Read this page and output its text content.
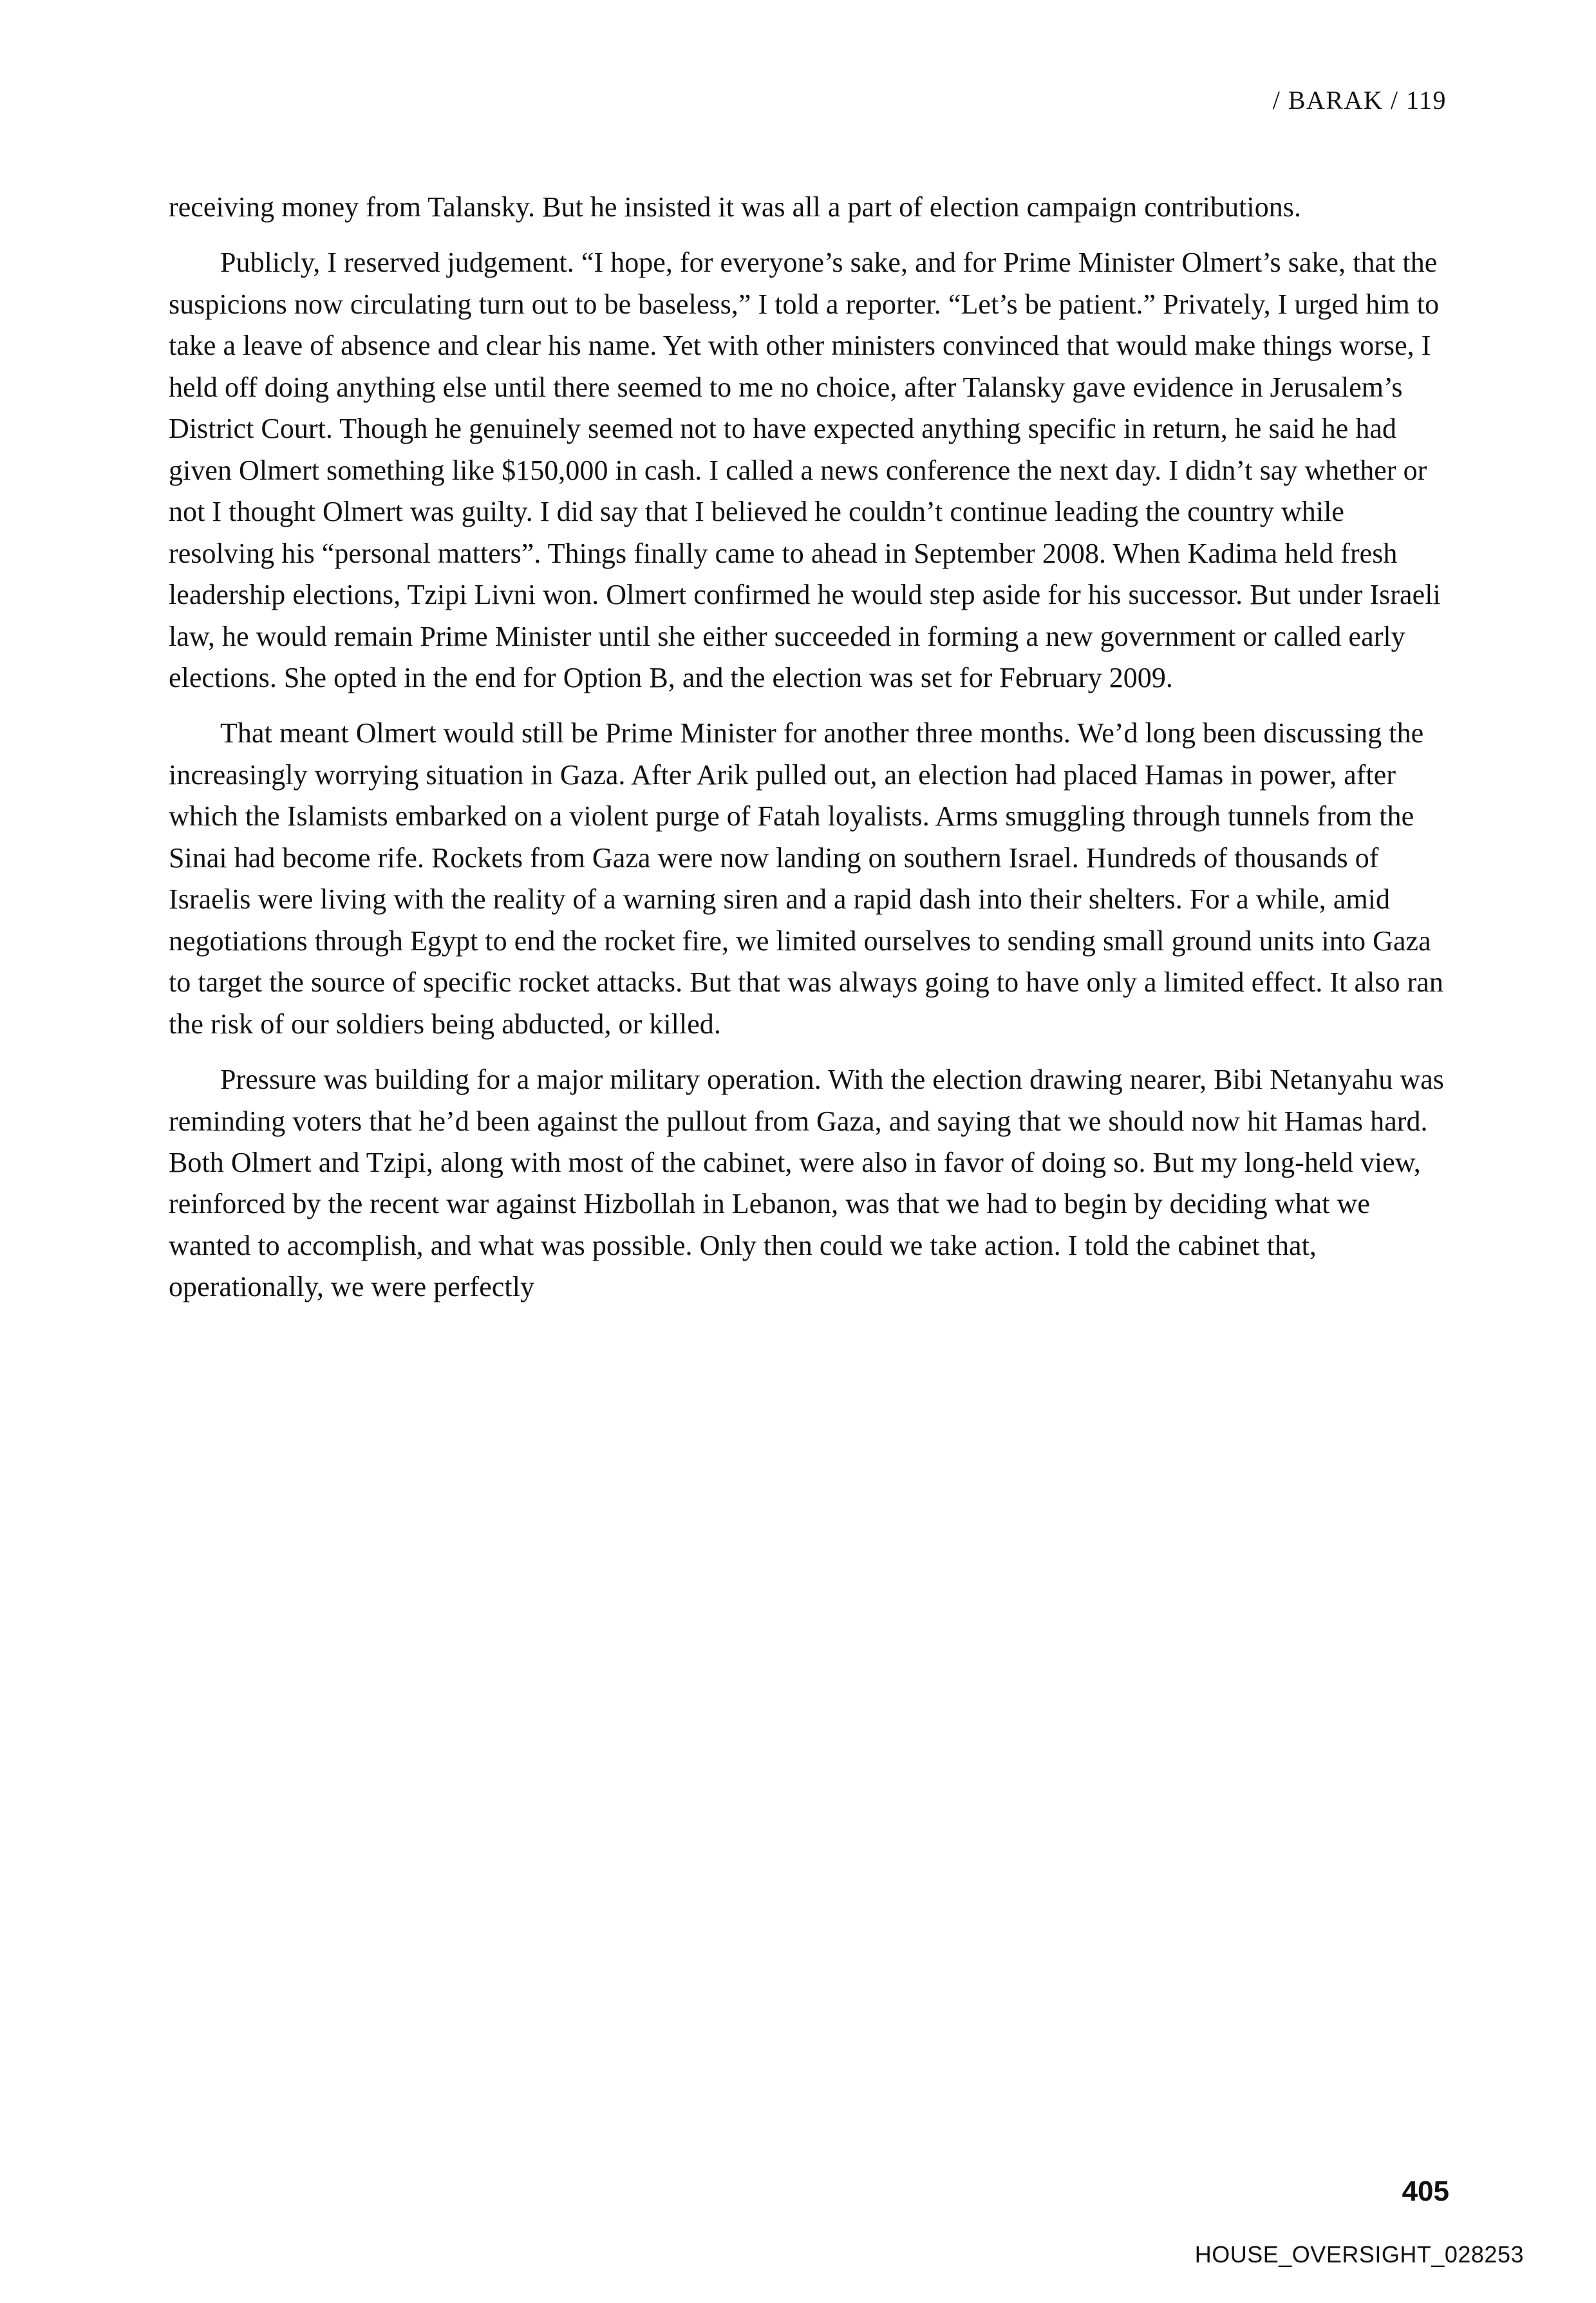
/ BARAK / 119

receiving money from Talansky. But he insisted it was all a part of election campaign contributions.

Publicly, I reserved judgement. “I hope, for everyone’s sake, and for Prime Minister Olmert’s sake, that the suspicions now circulating turn out to be baseless,” I told a reporter. “Let’s be patient.” Privately, I urged him to take a leave of absence and clear his name. Yet with other ministers convinced that would make things worse, I held off doing anything else until there seemed to me no choice, after Talansky gave evidence in Jerusalem’s District Court. Though he genuinely seemed not to have expected anything specific in return, he said he had given Olmert something like $150,000 in cash. I called a news conference the next day. I didn’t say whether or not I thought Olmert was guilty. I did say that I believed he couldn’t continue leading the country while resolving his “personal matters”. Things finally came to ahead in September 2008. When Kadima held fresh leadership elections, Tzipi Livni won. Olmert confirmed he would step aside for his successor. But under Israeli law, he would remain Prime Minister until she either succeeded in forming a new government or called early elections. She opted in the end for Option B, and the election was set for February 2009.

That meant Olmert would still be Prime Minister for another three months. We’d long been discussing the increasingly worrying situation in Gaza. After Arik pulled out, an election had placed Hamas in power, after which the Islamists embarked on a violent purge of Fatah loyalists. Arms smuggling through tunnels from the Sinai had become rife. Rockets from Gaza were now landing on southern Israel. Hundreds of thousands of Israelis were living with the reality of a warning siren and a rapid dash into their shelters. For a while, amid negotiations through Egypt to end the rocket fire, we limited ourselves to sending small ground units into Gaza to target the source of specific rocket attacks. But that was always going to have only a limited effect. It also ran the risk of our soldiers being abducted, or killed.

Pressure was building for a major military operation. With the election drawing nearer, Bibi Netanyahu was reminding voters that he’d been against the pullout from Gaza, and saying that we should now hit Hamas hard. Both Olmert and Tzipi, along with most of the cabinet, were also in favor of doing so. But my long-held view, reinforced by the recent war against Hizbollah in Lebanon, was that we had to begin by deciding what we wanted to accomplish, and what was possible. Only then could we take action. I told the cabinet that, operationally, we were perfectly

405
HOUSE_OVERSIGHT_028253
